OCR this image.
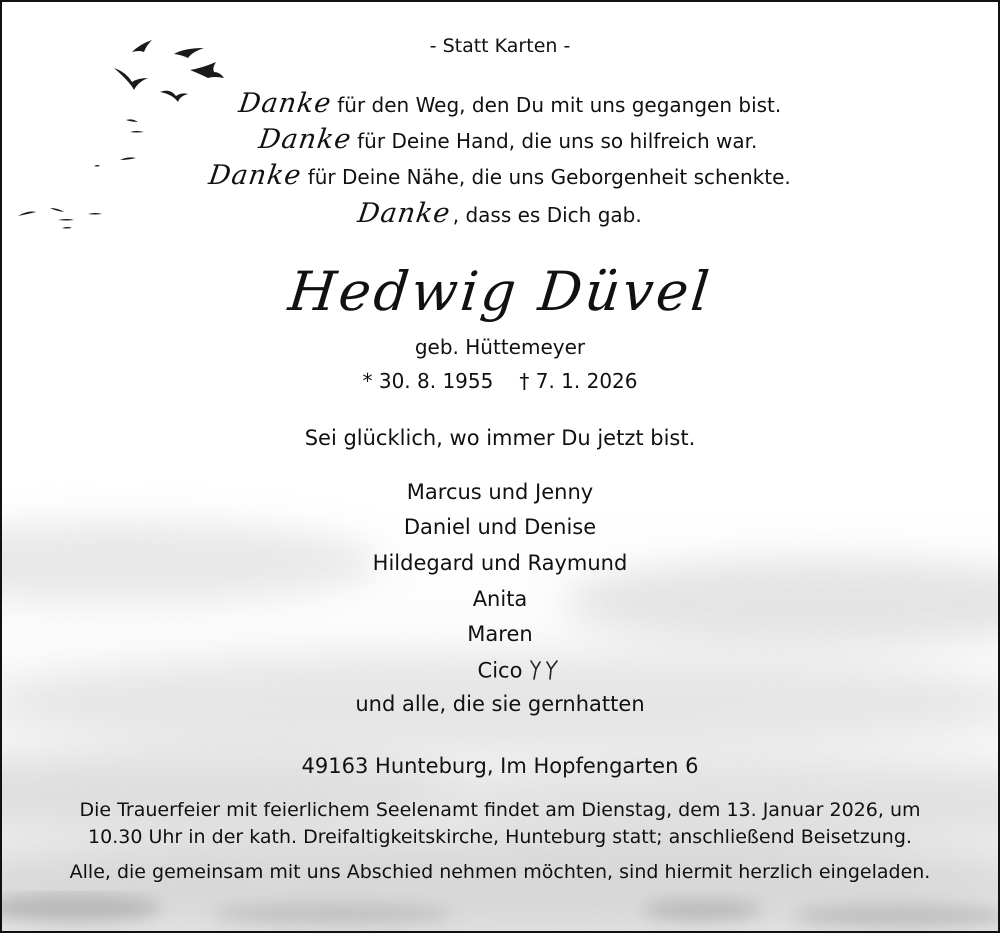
- Statt Karten -
Danke für den Weg, den Du mit uns gegangen bist.
Danke für Deine Hand, die uns so hilfreich war.
Danke für Deine Nähe, die uns Geborgenheit schenkte.
Danke, dass es Dich gab.
Hedwig Düvel
geb. Hüttemeyer
* 30. 8. 1955 † 7. 1. 2026
Sei glücklich, wo immer Du jetzt bist.
Marcus und Jenny
Daniel und Denise
Hildegard und Raymund
Anita
Maren
Cico
und alle, die sie gernhatten
49163 Hunteburg, Im Hopfengarten 6
Die Trauerfeier mit feierlichem Seelenamt findet am Dienstag, dem 13. Januar 2026, um
10.30 Uhr in der kath. Dreifaltigkeitskirche, Hunteburg statt; anschließend Beisetzung.
Alle, die gemeinsam mit uns Abschied nehmen möchten, sind hiermit herzlich eingeladen.
